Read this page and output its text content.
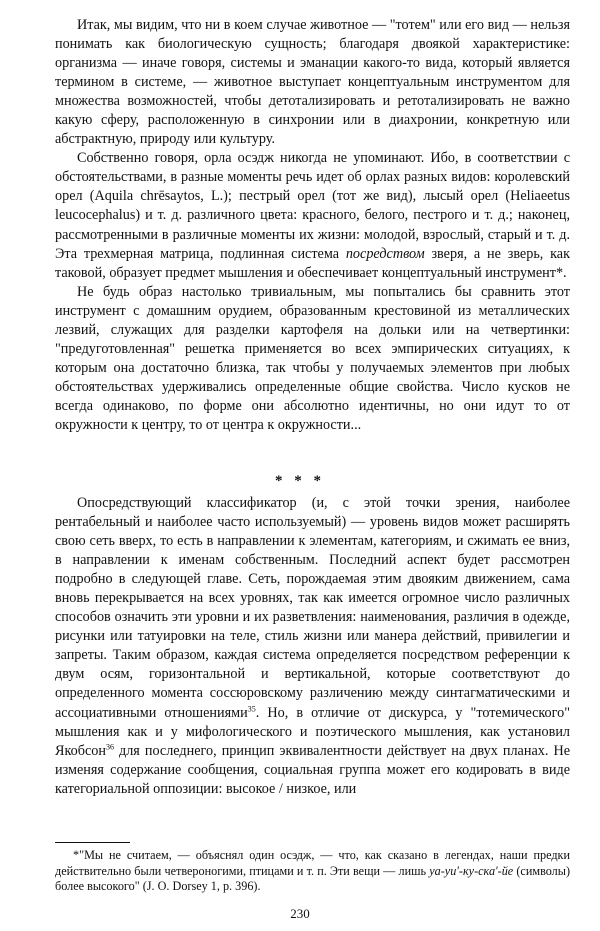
Итак, мы видим, что ни в коем случае животное — "тотем" или его вид — нельзя понимать как биологическую сущность; благодаря двоякой характеристике: организма — иначе говоря, системы и эманации какого-то вида, который является термином в системе, — животное выступает концептуальным инструментом для множества возможностей, чтобы детотализировать и ретотализировать не важно какую сферу, расположенную в синхронии или в диахронии, конкретную или абстрактную, природу или культуру.

Собственно говоря, орла осэдж никогда не упоминают. Ибо, в соответствии с обстоятельствами, в разные моменты речь идет об орлах разных видов: королевский орел (Aquila chrēsaytos, L.); пестрый орел (тот же вид), лысый орел (Heliaeetus leucocephalus) и т. д. различного цвета: красного, белого, пестрого и т. д.; наконец, рассмотренными в различные моменты их жизни: молодой, взрослый, старый и т. д. Эта трехмерная матрица, подлинная система посредством зверя, а не зверь, как таковой, образует предмет мышления и обеспечивает концептуальный инструмент*.

Не будь образ настолько тривиальным, мы попытались бы сравнить этот инструмент с домашним орудием, образованным крестовиной из металлических лезвий, служащих для разделки картофеля на дольки или на четвертинки: "предуготовленная" решетка применяется во всех эмпирических ситуациях, к которым она достаточно близка, так чтобы у получаемых элементов при любых обстоятельствах удерживались определенные общие свойства. Число кусков не всегда одинаково, по форме они абсолютно идентичны, но они идут то от окружности к центру, то от центра к окружности...

* * *

Опосредствующий классификатор (и, с этой точки зрения, наиболее рентабельный и наиболее часто используемый) — уровень видов может расширять свою сеть вверх, то есть в направлении к элементам, категориям, и сжимать ее вниз, в направлении к именам собственным. Последний аспект будет рассмотрен подробно в следующей главе. Сеть, порождаемая этим двояким движением, сама вновь перекрывается на всех уровнях, так как имеется огромное число различных способов означить эти уровни и их разветвления: наименования, различия в одежде, рисунки или татуировки на теле, стиль жизни или манера действий, привилегии и запреты. Таким образом, каждая система определяется посредством референции к двум осям, горизонтальной и вертикальной, которые соответствуют до определенного момента соссюровскому различению между синтагматическими и ассоциативными отношениями$^{35}$. Но, в отличие от дискурса, у "тотемического" мышления как и у мифологического и поэтического мышления, как установил Якобсон$^{36}$ для последнего, принцип эквивалентности действует на двух планах. Не изменяя содержание сообщения, социальная группа может его кодировать в виде категориальной оппозиции: высокое / низкое, или

*"Мы не считаем, — объяснял один осэдж, — что, как сказано в легендах, наши предки действительно были четвероногими, птицами и т. п. Эти вещи — лишь уа-уи'-ку-ска'-йе (символы) более высокого" (J. O. Dorsey 1, p. 396).

230
